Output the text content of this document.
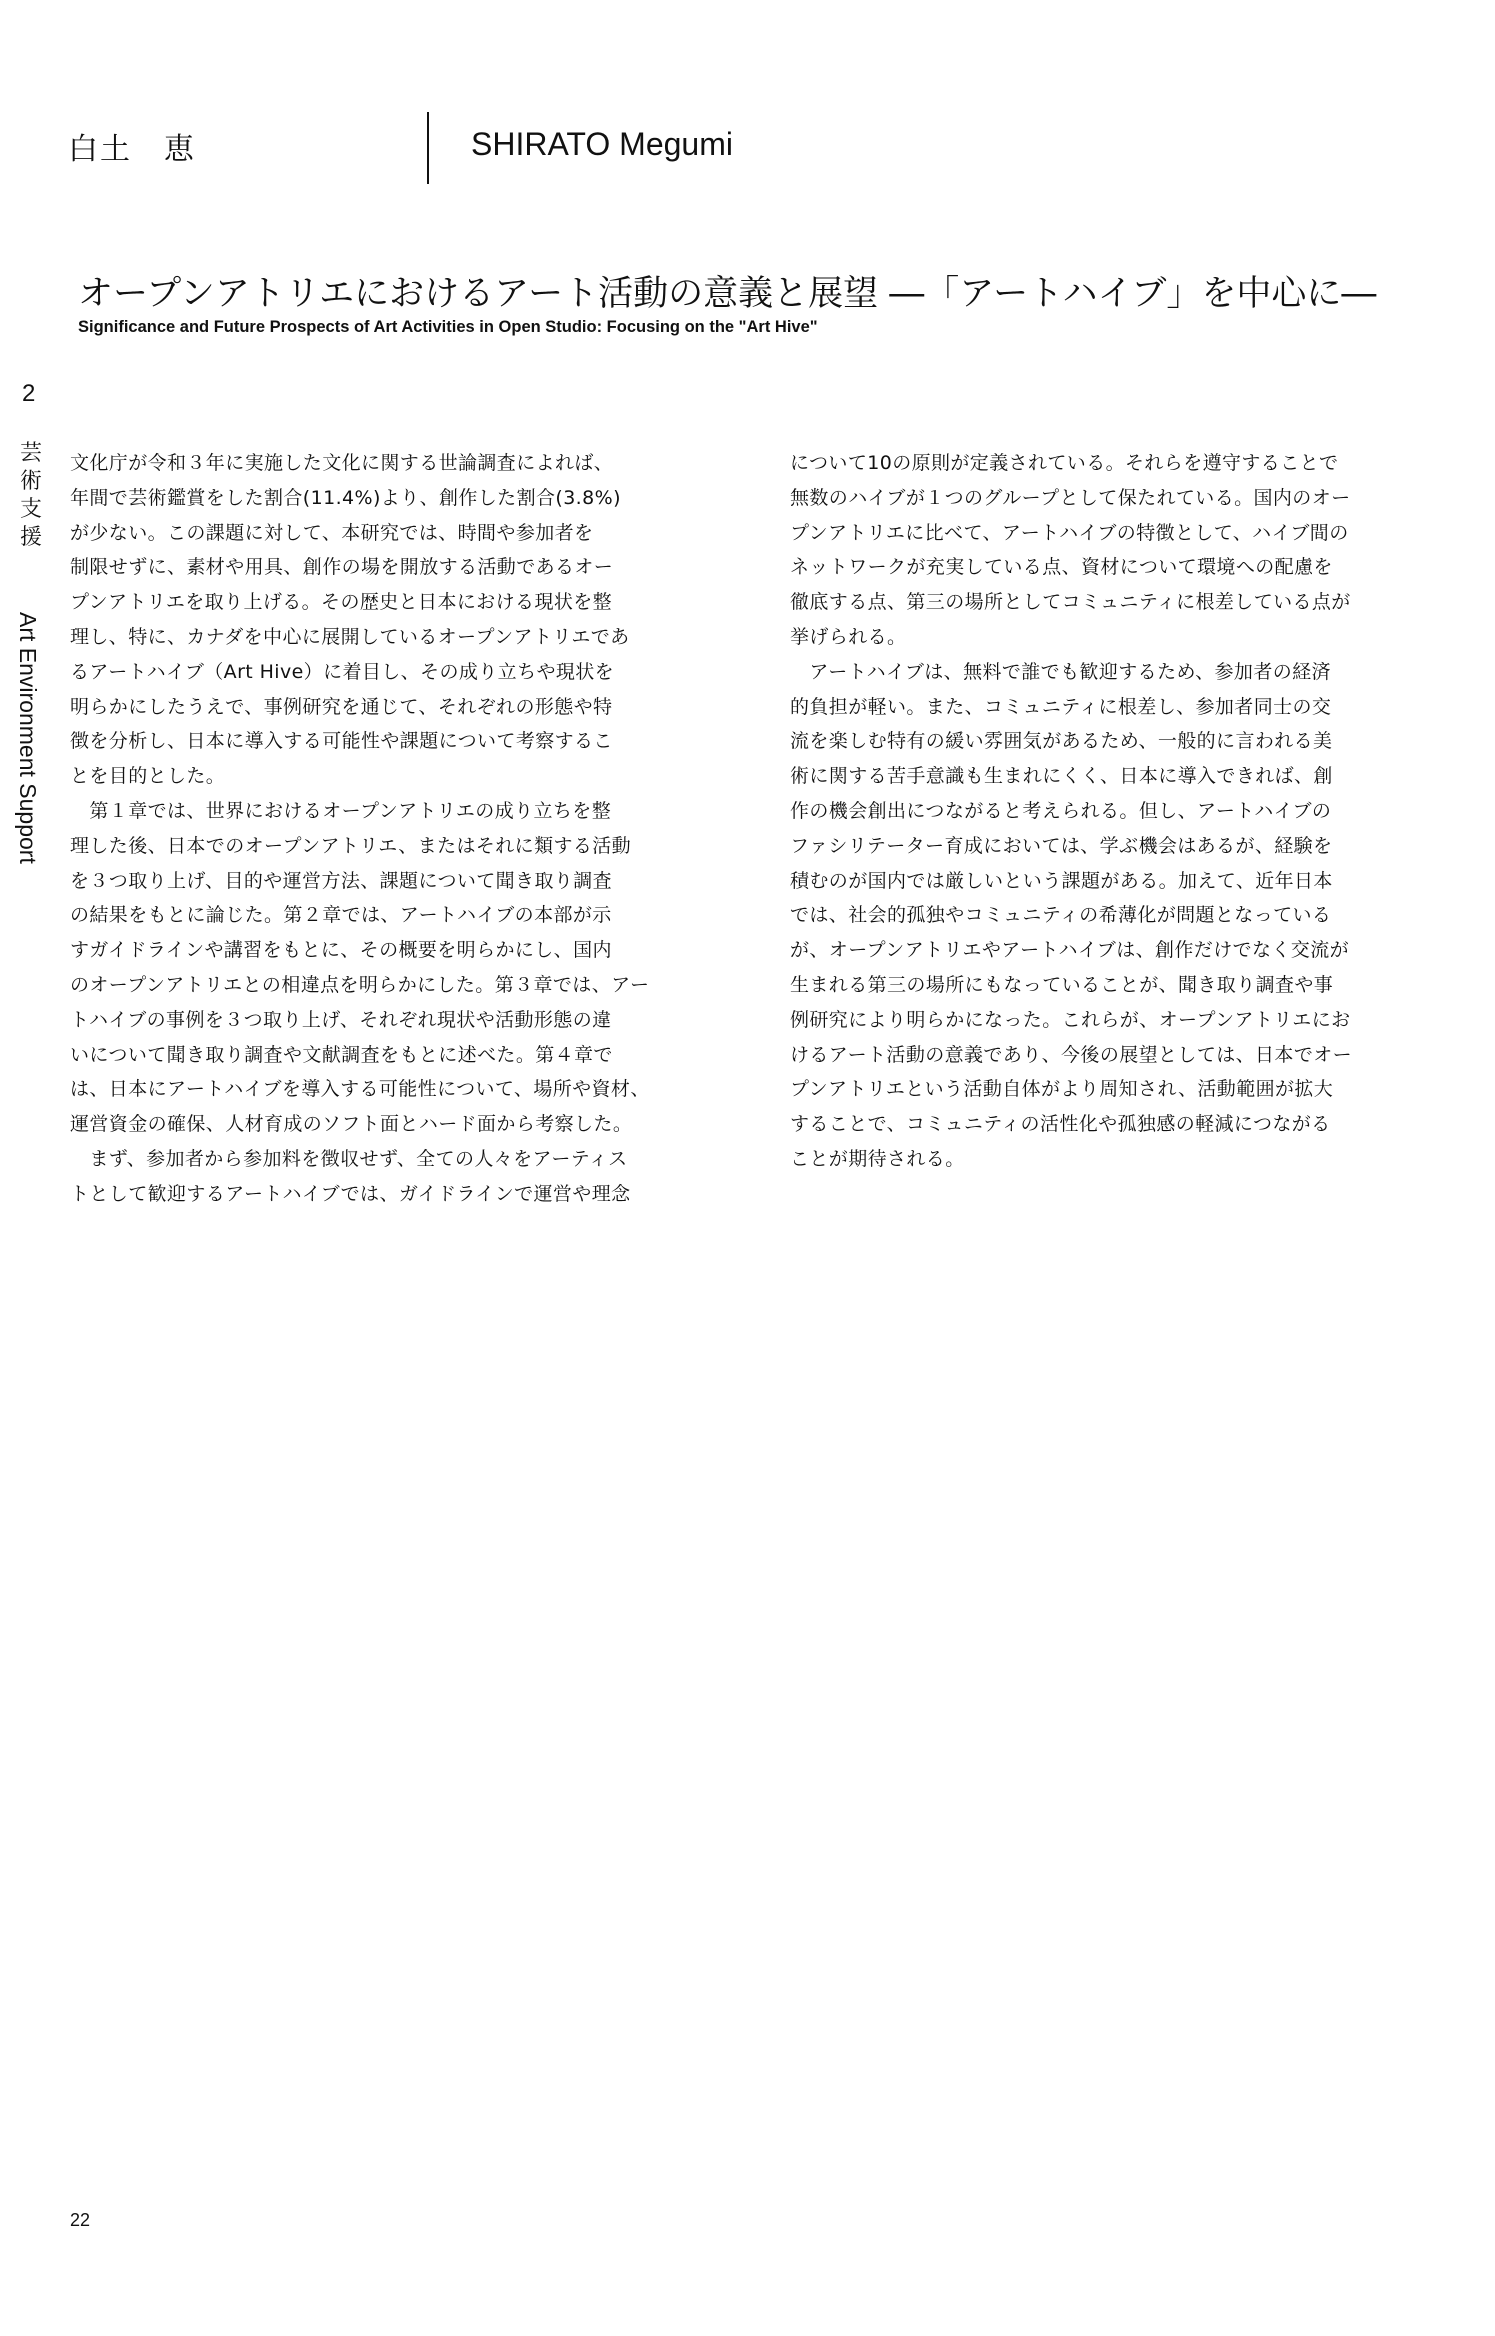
白土　恵	SHIRATO Megumi
オープンアトリエにおけるアート活動の意義と展望 ―「アートハイブ」を中心に―
Significance and Future Prospects of Art Activities in Open Studio: Focusing on the "Art Hive"
2
芸
術
支
援
Art Environment Support

文化庁が令和３年に実施した文化に関する世論調査によれば、
年間で芸術鑑賞をした割合(11.4%)より、創作した割合(3.8%)
が少ない。この課題に対して、本研究では、時間や参加者を
制限せずに、素材や用具、創作の場を開放する活動であるオー
プンアトリエを取り上げる。その歴史と日本における現状を整
理し、特に、カナダを中心に展開しているオープンアトリエであ
るアートハイブ（Art Hive）に着目し、その成り立ちや現状を
明らかにしたうえで、事例研究を通じて、それぞれの形態や特
徴を分析し、日本に導入する可能性や課題について考察するこ
とを目的とした。

　第１章では、世界におけるオープンアトリエの成り立ちを整
理した後、日本でのオープンアトリエ、またはそれに類する活動
を３つ取り上げ、目的や運営方法、課題について聞き取り調査
の結果をもとに論じた。第２章では、アートハイブの本部が示
すガイドラインや講習をもとに、その概要を明らかにし、国内
のオープンアトリエとの相違点を明らかにした。第３章では、アー
トハイブの事例を３つ取り上げ、それぞれ現状や活動形態の違
いについて聞き取り調査や文献調査をもとに述べた。第４章で
は、日本にアートハイブを導入する可能性について、場所や資材、
運営資金の確保、人材育成のソフト面とハード面から考察した。

　まず、参加者から参加料を徴収せず、全ての人々をアーティス
トとして歓迎するアートハイブでは、ガイドラインで運営や理念

について10の原則が定義されている。それらを遵守することで
無数のハイブが１つのグループとして保たれている。国内のオー
プンアトリエに比べて、アートハイブの特徴として、ハイブ間の
ネットワークが充実している点、資材について環境への配慮を
徹底する点、第三の場所としてコミュニティに根差している点が
挙げられる。

　アートハイブは、無料で誰でも歓迎するため、参加者の経済
的負担が軽い。また、コミュニティに根差し、参加者同士の交
流を楽しむ特有の緩い雰囲気があるため、一般的に言われる美
術に関する苦手意識も生まれにくく、日本に導入できれば、創
作の機会創出につながると考えられる。但し、アートハイブの
ファシリテーター育成においては、学ぶ機会はあるが、経験を
積むのが国内では厳しいという課題がある。加えて、近年日本
では、社会的孤独やコミュニティの希薄化が問題となっている
が、オープンアトリエやアートハイブは、創作だけでなく交流が
生まれる第三の場所にもなっていることが、聞き取り調査や事
例研究により明らかになった。これらが、オープンアトリエにお
けるアート活動の意義であり、今後の展望としては、日本でオー
プンアトリエという活動自体がより周知され、活動範囲が拡大
することで、コミュニティの活性化や孤独感の軽減につながる
ことが期待される。

22
